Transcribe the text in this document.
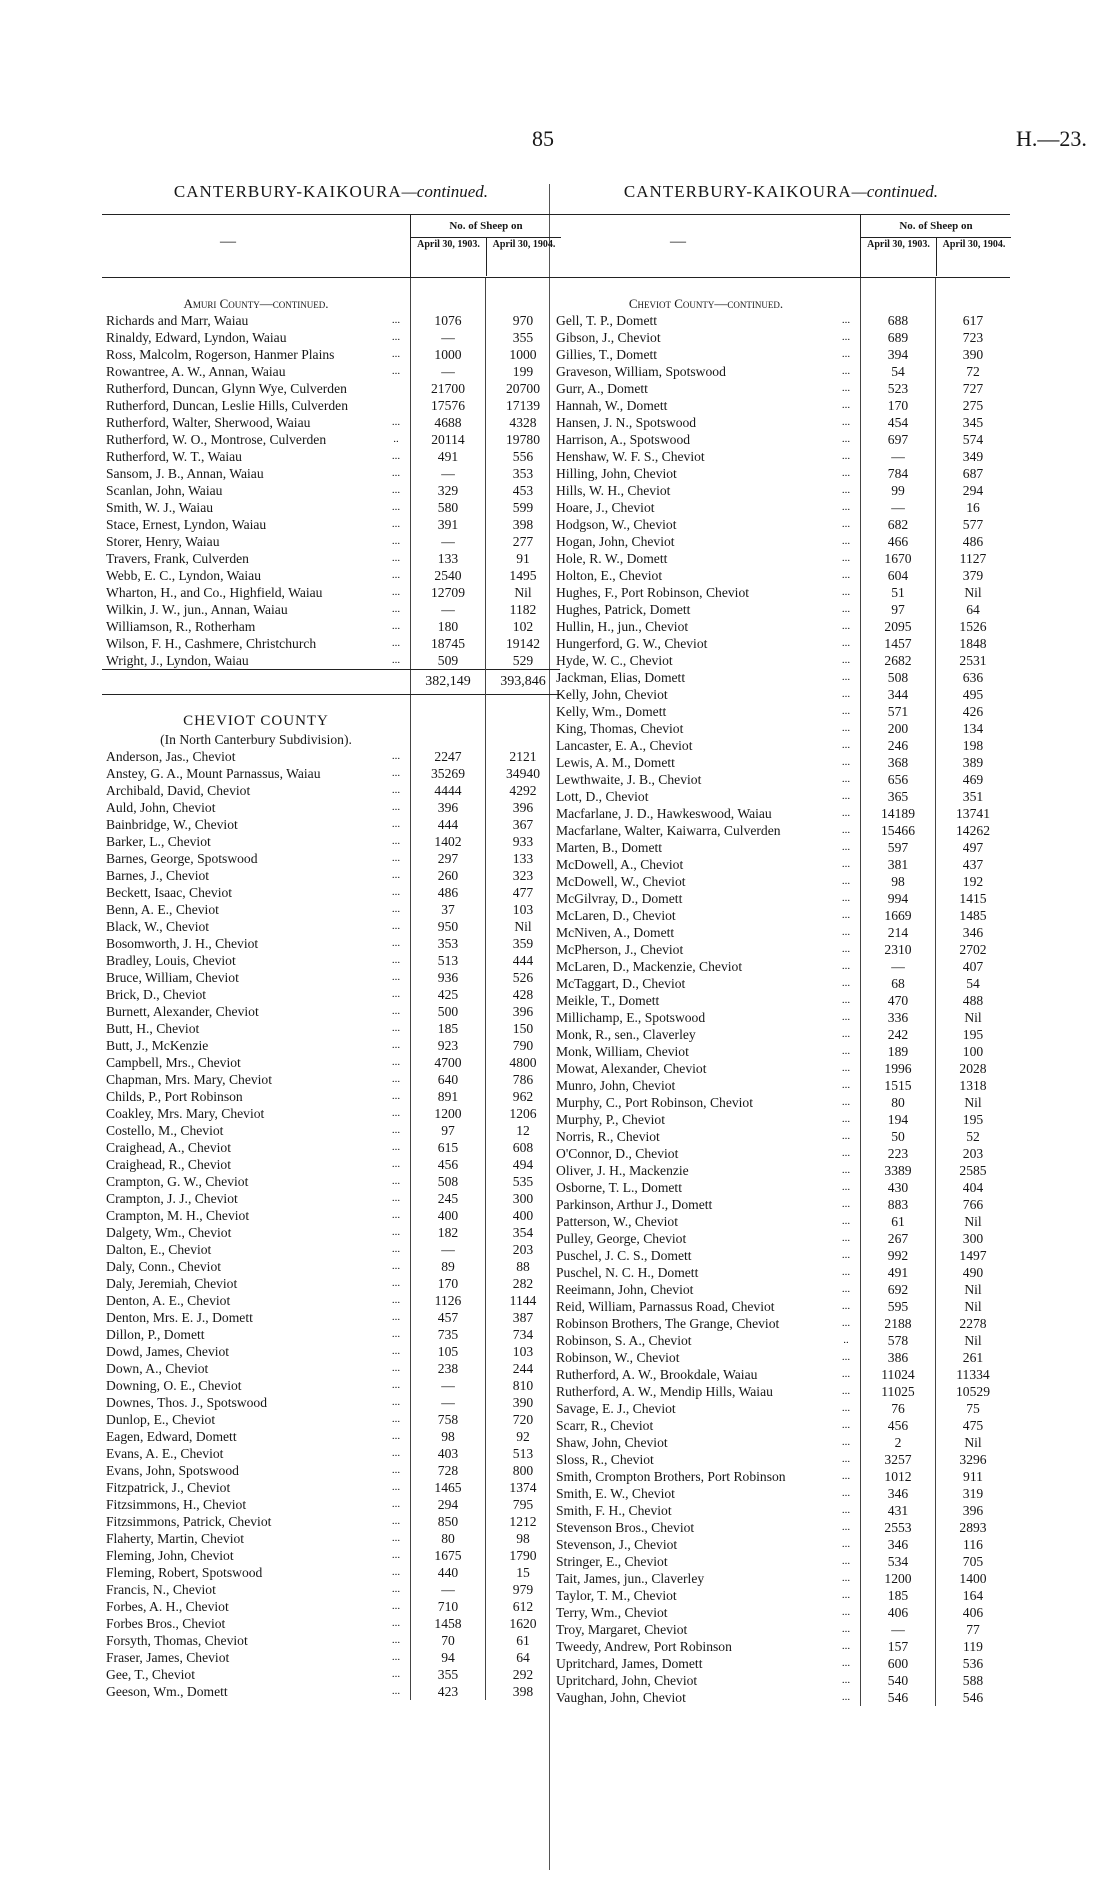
85	H.—23.
CANTERBURY-KAIKOURA—continued.
—
No. of Sheep on
April 30, 1903.	April 30, 1904.
Amuri County—continued.
Richards and Marr, Waiau	...	1076	970
Rinaldy, Edward, Lyndon, Waiau	...	—	355
Ross, Malcolm, Rogerson, Hanmer Plains	...	1000	1000
Rowantree, A. W., Annan, Waiau	...	—	199
Rutherford, Duncan, Glynn Wye, Culverden	21700	20700
Rutherford, Duncan, Leslie Hills, Culverden	17576	17139
Rutherford, Walter, Sherwood, Waiau	...	4688	4328
Rutherford, W. O., Montrose, Culverden	..	20114	19780
Rutherford, W. T., Waiau	...	491	556
Sansom, J. B., Annan, Waiau	...	—	353
Scanlan, John, Waiau	...	329	453
Smith, W. J., Waiau	...	580	599
Stace, Ernest, Lyndon, Waiau	...	391	398
Storer, Henry, Waiau	...	—	277
Travers, Frank, Culverden	...	133	91
Webb, E. C., Lyndon, Waiau	...	2540	1495
Wharton, H., and Co., Highfield, Waiau	...	12709	Nil
Wilkin, J. W., jun., Annan, Waiau	...	—	1182
Williamson, R., Rotherham	...	180	102
Wilson, F. H., Cashmere, Christchurch	...	18745	19142
Wright, J., Lyndon, Waiau	...	509	529
382,149	393,846
CHEVIOT COUNTY
(In North Canterbury Subdivision).
Anderson, Jas., Cheviot	...	2247	2121
Anstey, G. A., Mount Parnassus, Waiau	...	35269	34940
Archibald, David, Cheviot	...	4444	4292
Auld, John, Cheviot	...	396	396
Bainbridge, W., Cheviot	...	444	367
Barker, L., Cheviot	...	1402	933
Barnes, George, Spotswood	...	297	133
Barnes, J., Cheviot	...	260	323
Beckett, Isaac, Cheviot	...	486	477
Benn, A. E., Cheviot	...	37	103
Black, W., Cheviot	...	950	Nil
Bosomworth, J. H., Cheviot	...	353	359
Bradley, Louis, Cheviot	...	513	444
Bruce, William, Cheviot	...	936	526
Brick, D., Cheviot	...	425	428
Burnett, Alexander, Cheviot	...	500	396
Butt, H., Cheviot	...	185	150
Butt, J., McKenzie	...	923	790
Campbell, Mrs., Cheviot	...	4700	4800
Chapman, Mrs. Mary, Cheviot	...	640	786
Childs, P., Port Robinson	...	891	962
Coakley, Mrs. Mary, Cheviot	...	1200	1206
Costello, M., Cheviot	...	97	12
Craighead, A., Cheviot	...	615	608
Craighead, R., Cheviot	...	456	494
Crampton, G. W., Cheviot	...	508	535
Crampton, J. J., Cheviot	...	245	300
Crampton, M. H., Cheviot	...	400	400
Dalgety, Wm., Cheviot	...	182	354
Dalton, E., Cheviot	...	—	203
Daly, Conn., Cheviot	...	89	88
Daly, Jeremiah, Cheviot	...	170	282
Denton, A. E., Cheviot	...	1126	1144
Denton, Mrs. E. J., Domett	...	457	387
Dillon, P., Domett	...	735	734
Dowd, James, Cheviot	...	105	103
Down, A., Cheviot	...	238	244
Downing, O. E., Cheviot	...	—	810
Downes, Thos. J., Spotswood	...	—	390
Dunlop, E., Cheviot	...	758	720
Eagen, Edward, Domett	...	98	92
Evans, A. E., Cheviot	...	403	513
Evans, John, Spotswood	...	728	800
Fitzpatrick, J., Cheviot	...	1465	1374
Fitzsimmons, H., Cheviot	...	294	795
Fitzsimmons, Patrick, Cheviot	...	850	1212
Flaherty, Martin, Cheviot	...	80	98
Fleming, John, Cheviot	...	1675	1790
Fleming, Robert, Spotswood	...	440	15
Francis, N., Cheviot	...	—	979
Forbes, A. H., Cheviot	...	710	612
Forbes Bros., Cheviot	...	1458	1620
Forsyth, Thomas, Cheviot	...	70	61
Fraser, James, Cheviot	...	94	64
Gee, T., Cheviot	...	355	292
Geeson, Wm., Domett	...	423	398
CANTERBURY-KAIKOURA—continued.
—
No. of Sheep on
April 30, 1903.	April 30, 1904.
Cheviot County—continued.
Gell, T. P., Domett	...	688	617
Gibson, J., Cheviot	...	689	723
Gillies, T., Domett	...	394	390
Graveson, William, Spotswood	...	54	72
Gurr, A., Domett	...	523	727
Hannah, W., Domett	...	170	275
Hansen, J. N., Spotswood	...	454	345
Harrison, A., Spotswood	...	697	574
Henshaw, W. F. S., Cheviot	...	—	349
Hilling, John, Cheviot	...	784	687
Hills, W. H., Cheviot	...	99	294
Hoare, J., Cheviot	...	—	16
Hodgson, W., Cheviot	...	682	577
Hogan, John, Cheviot	...	466	486
Hole, R. W., Domett	...	1670	1127
Holton, E., Cheviot	...	604	379
Hughes, F., Port Robinson, Cheviot	...	51	Nil
Hughes, Patrick, Domett	...	97	64
Hullin, H., jun., Cheviot	...	2095	1526
Hungerford, G. W., Cheviot	...	1457	1848
Hyde, W. C., Cheviot	...	2682	2531
Jackman, Elias, Domett	...	508	636
Kelly, John, Cheviot	...	344	495
Kelly, Wm., Domett	...	571	426
King, Thomas, Cheviot	...	200	134
Lancaster, E. A., Cheviot	...	246	198
Lewis, A. M., Domett	...	368	389
Lewthwaite, J. B., Cheviot	...	656	469
Lott, D., Cheviot	...	365	351
Macfarlane, J. D., Hawkeswood, Waiau	...	14189	13741
Macfarlane, Walter, Kaiwarra, Culverden	...	15466	14262
Marten, B., Domett	...	597	497
McDowell, A., Cheviot	...	381	437
McDowell, W., Cheviot	...	98	192
McGilvray, D., Domett	...	994	1415
McLaren, D., Cheviot	...	1669	1485
McNiven, A., Domett	...	214	346
McPherson, J., Cheviot	...	2310	2702
McLaren, D., Mackenzie, Cheviot	...	—	407
McTaggart, D., Cheviot	...	68	54
Meikle, T., Domett	...	470	488
Millichamp, E., Spotswood	...	336	Nil
Monk, R., sen., Claverley	...	242	195
Monk, William, Cheviot	...	189	100
Mowat, Alexander, Cheviot	...	1996	2028
Munro, John, Cheviot	...	1515	1318
Murphy, C., Port Robinson, Cheviot	...	80	Nil
Murphy, P., Cheviot	...	194	195
Norris, R., Cheviot	...	50	52
O'Connor, D., Cheviot	...	223	203
Oliver, J. H., Mackenzie	...	3389	2585
Osborne, T. L., Domett	...	430	404
Parkinson, Arthur J., Domett	...	883	766
Patterson, W., Cheviot	...	61	Nil
Pulley, George, Cheviot	...	267	300
Puschel, J. C. S., Domett	...	992	1497
Puschel, N. C. H., Domett	...	491	490
Reeimann, John, Cheviot	...	692	Nil
Reid, William, Parnassus Road, Cheviot	...	595	Nil
Robinson Brothers, The Grange, Cheviot	...	2188	2278
Robinson, S. A., Cheviot	..	578	Nil
Robinson, W., Cheviot	...	386	261
Rutherford, A. W., Brookdale, Waiau	...	11024	11334
Rutherford, A. W., Mendip Hills, Waiau	...	11025	10529
Savage, E. J., Cheviot	...	76	75
Scarr, R., Cheviot	...	456	475
Shaw, John, Cheviot	...	2	Nil
Sloss, R., Cheviot	...	3257	3296
Smith, Crompton Brothers, Port Robinson	...	1012	911
Smith, E. W., Cheviot	...	346	319
Smith, F. H., Cheviot	...	431	396
Stevenson Bros., Cheviot	...	2553	2893
Stevenson, J., Cheviot	...	346	116
Stringer, E., Cheviot	...	534	705
Tait, James, jun., Claverley	...	1200	1400
Taylor, T. M., Cheviot	...	185	164
Terry, Wm., Cheviot	...	406	406
Troy, Margaret, Cheviot	...	—	77
Tweedy, Andrew, Port Robinson	...	157	119
Upritchard, James, Domett	...	600	536
Upritchard, John, Cheviot	...	540	588
Vaughan, John, Cheviot	...	546	546
